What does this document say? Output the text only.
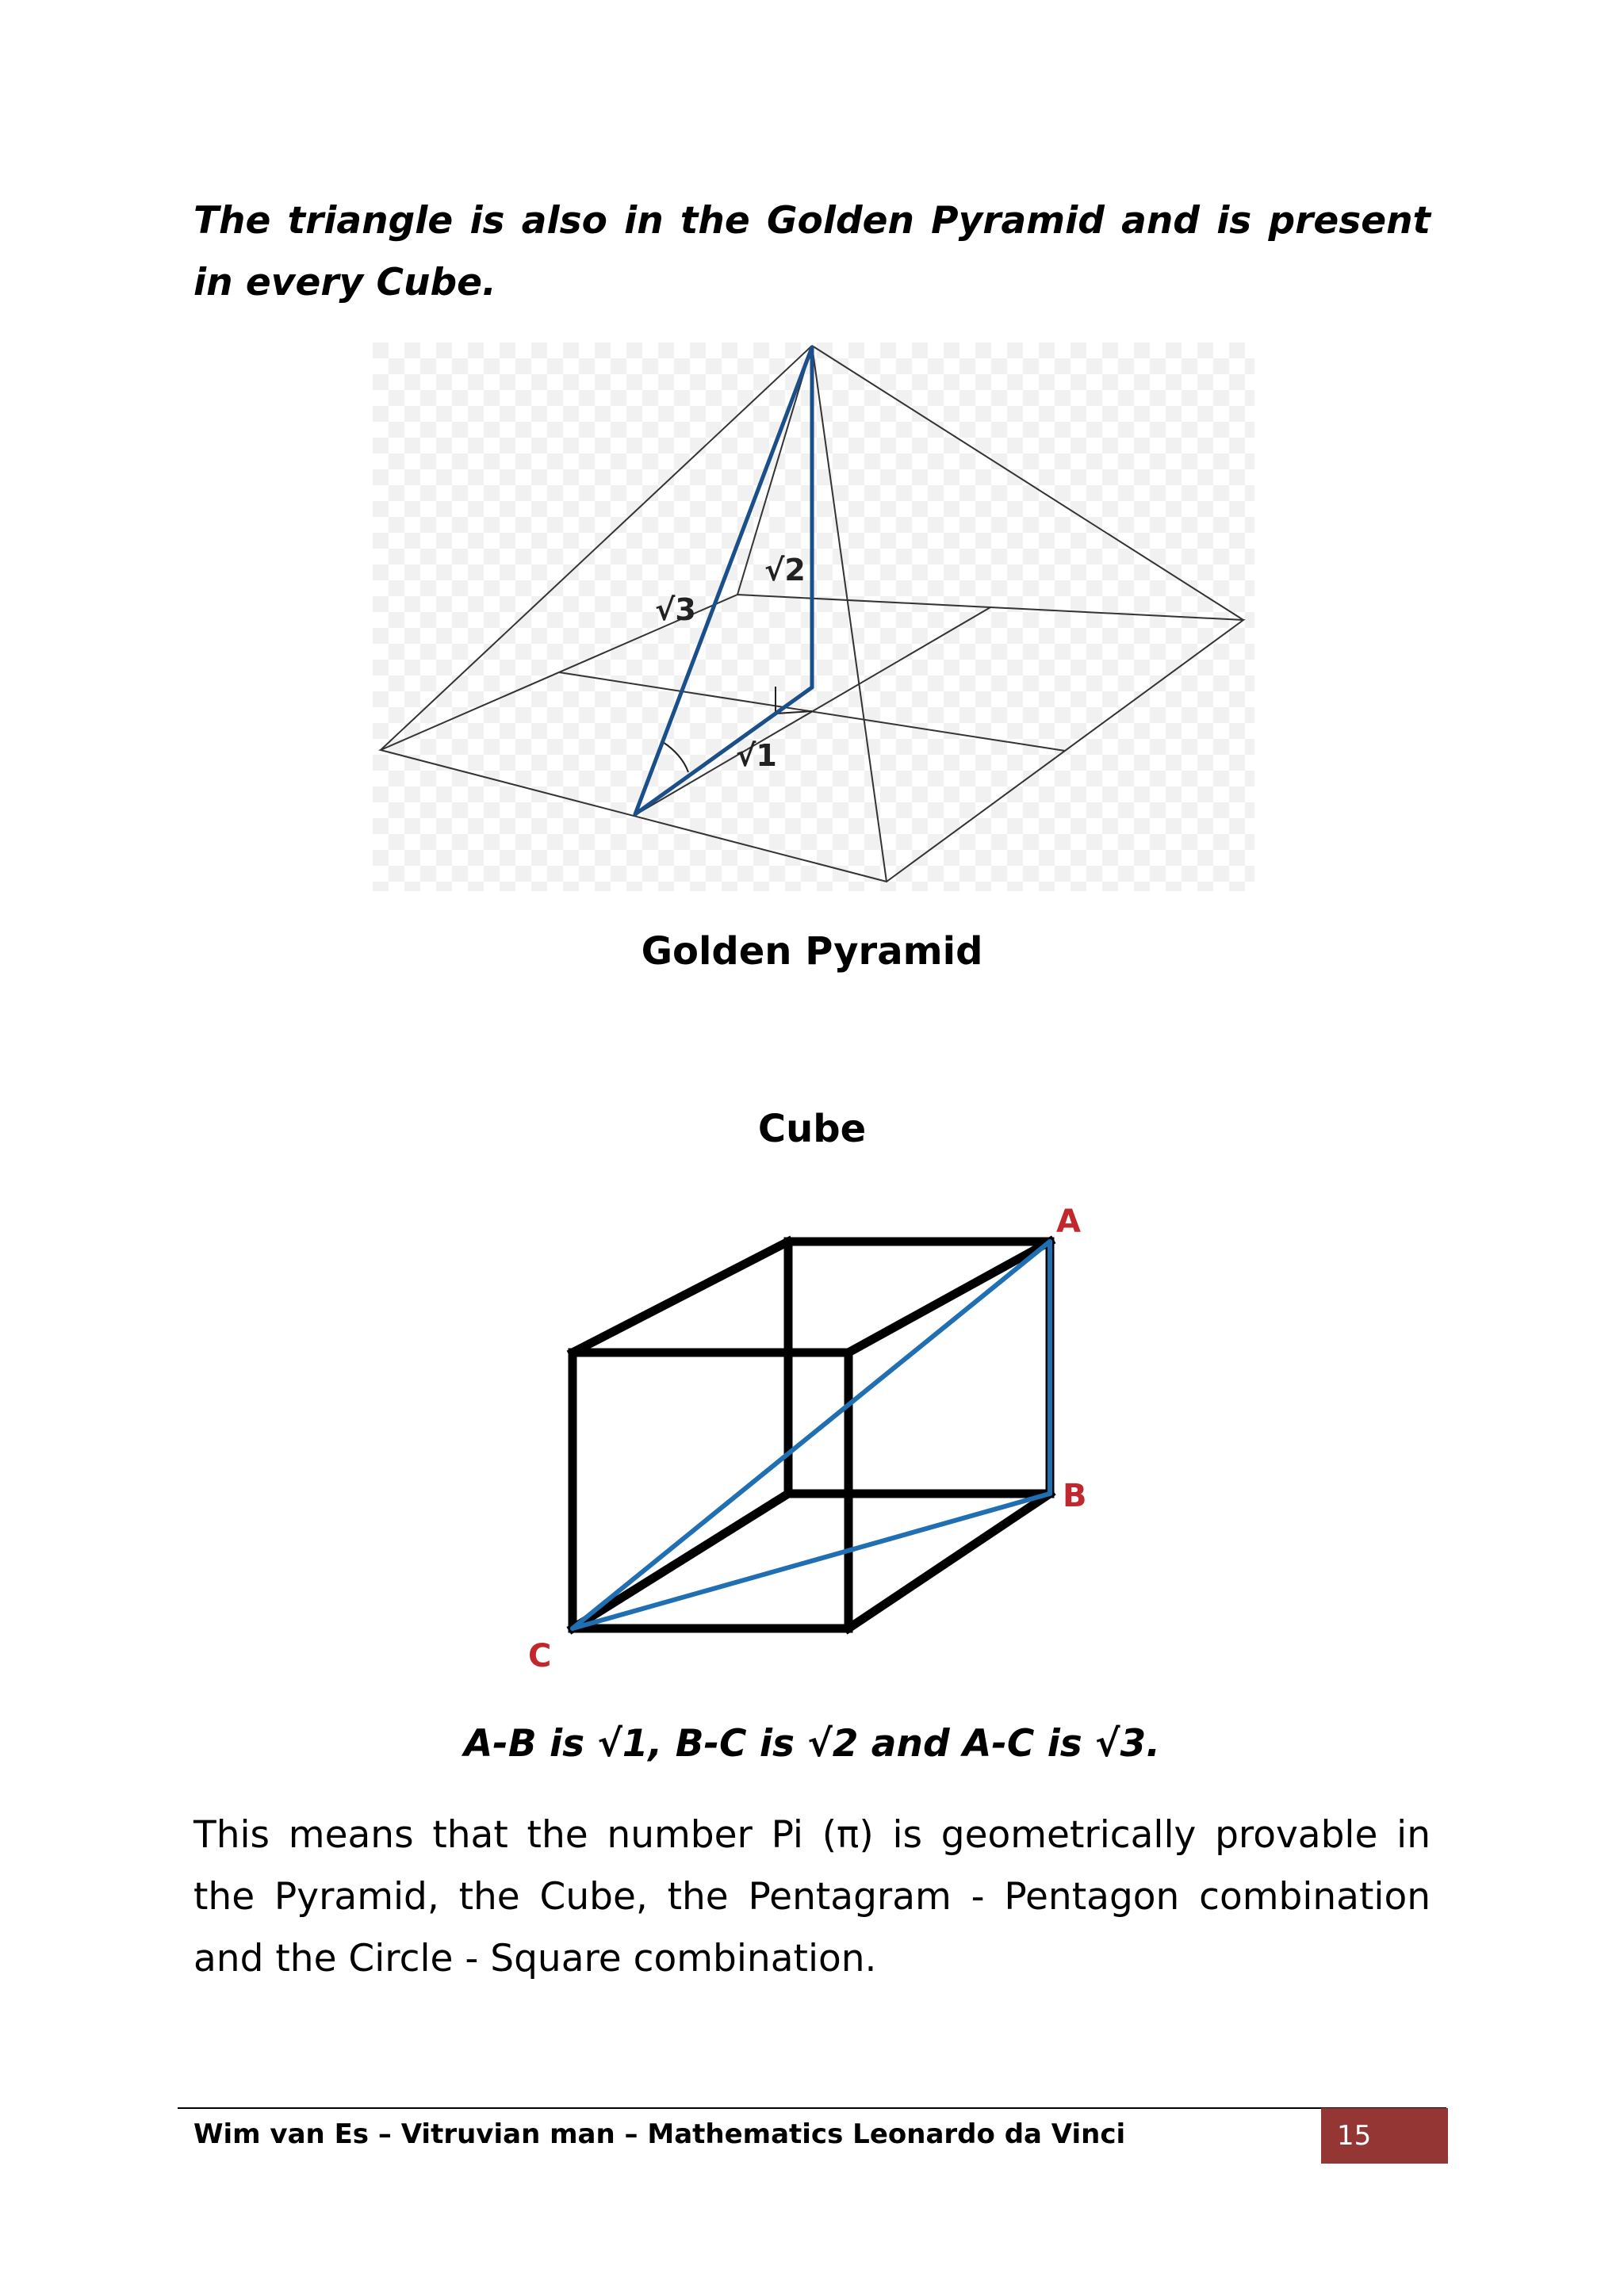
The triangle is also in the Golden Pyramid and is present in every Cube.

√3
√2
√1
Golden Pyramid
Cube
A
B
C
A-B is √1, B-C is √2 and A-C is √3.

This means that the number Pi (π) is geometrically provable in the Pyramid, the Cube, the Pentagram - Pentagon combination and the Circle - Square combination.

Wim van Es – Vitruvian man – Mathematics Leonardo da Vinci	15
